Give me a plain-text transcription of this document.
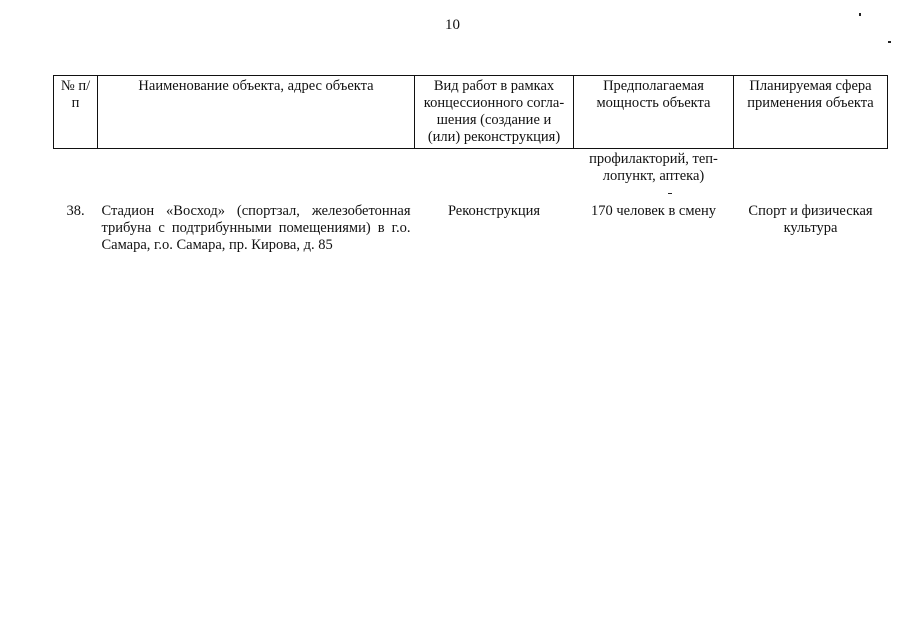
10
№ п/п	Наименование объекта, адрес объекта	Вид работ в рамках концессионного согла-шения (создание и (или) реконструкция)	Предполагаемая мощность объекта	Планируемая сфера применения объекта
			профилакторий, теп-лопункт, аптека)	
38.	Стадион «Восход» (спортзал, железобетонная трибуна с подтрибунными помещениями) в г.о. Самара, г.о. Самара, пр. Кирова, д. 85	Реконструкция	170 человек в смену	Спорт и физическая культура
